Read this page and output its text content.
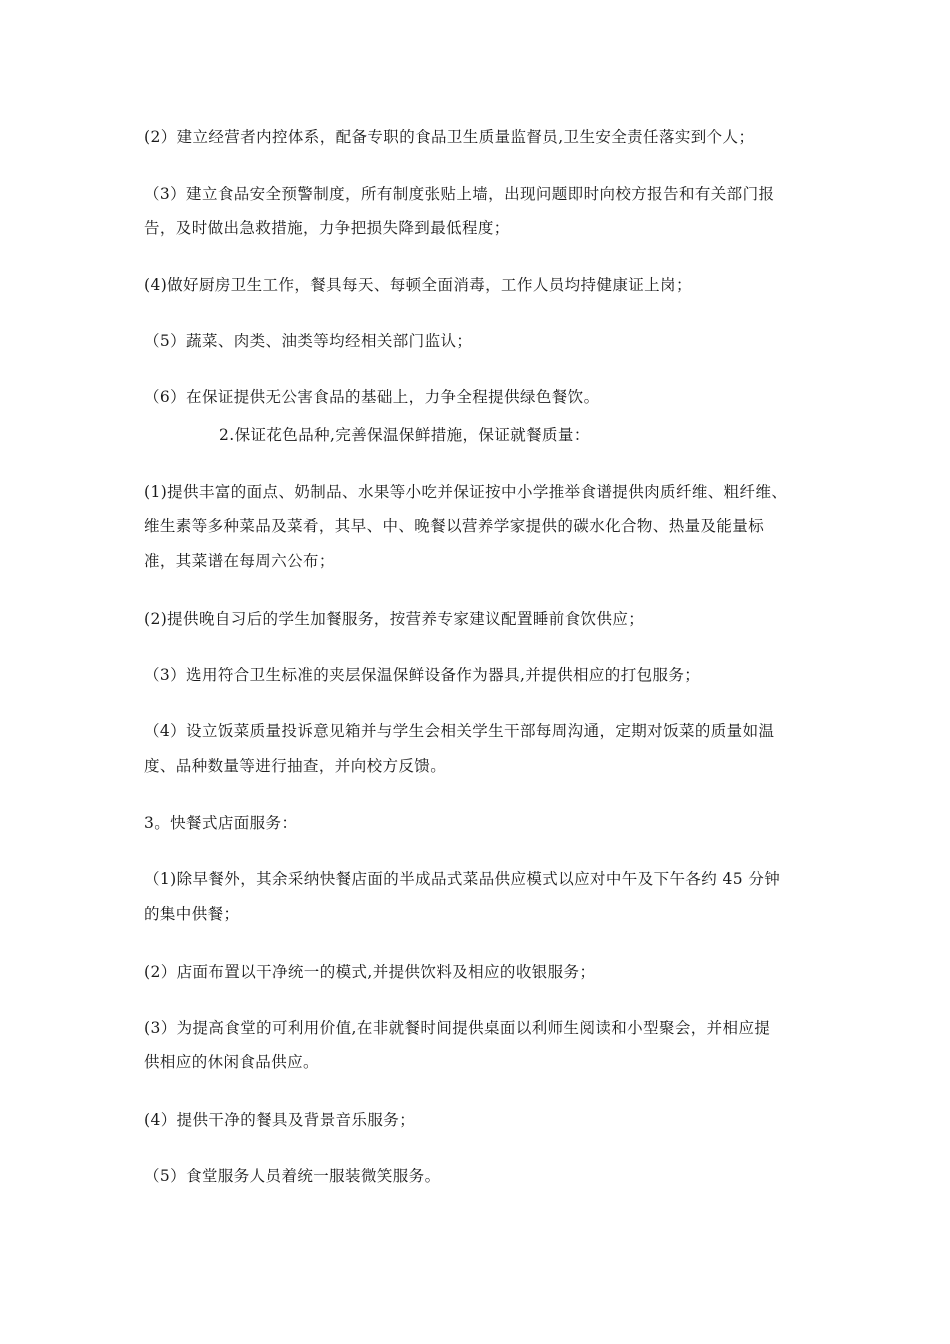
(2）建立经营者内控体系，配备专职的食品卫生质量监督员,卫生安全责任落实到个人；
（3）建立食品安全预警制度，所有制度张贴上墙，出现问题即时向校方报告和有关部门报
告，及时做出急救措施，力争把损失降到最低程度；
(4)做好厨房卫生工作，餐具每天、每顿全面消毒，工作人员均持健康证上岗；
（5）蔬菜、肉类、油类等均经相关部门监认；
（6）在保证提供无公害食品的基础上，力争全程提供绿色餐饮。
2.保证花色品种,完善保温保鲜措施，保证就餐质量：
(1)提供丰富的面点、奶制品、水果等小吃并保证按中小学推举食谱提供肉质纤维、粗纤维、
维生素等多种菜品及菜肴，其早、中、晚餐以营养学家提供的碳水化合物、热量及能量标
准，其菜谱在每周六公布；
(2)提供晚自习后的学生加餐服务，按营养专家建议配置睡前食饮供应；
（3）选用符合卫生标准的夹层保温保鲜设备作为器具,并提供相应的打包服务；
（4）设立饭菜质量投诉意见箱并与学生会相关学生干部每周沟通，定期对饭菜的质量如温
度、品种数量等进行抽查，并向校方反馈。
3。快餐式店面服务：
（1)除早餐外，其余采纳快餐店面的半成品式菜品供应模式以应对中午及下午各约 45 分钟
的集中供餐；
(2）店面布置以干净统一的模式,并提供饮料及相应的收银服务；
(3）为提高食堂的可利用价值,在非就餐时间提供桌面以利师生阅读和小型聚会，并相应提
供相应的休闲食品供应。
(4）提供干净的餐具及背景音乐服务；
（5）食堂服务人员着统一服装微笑服务。
